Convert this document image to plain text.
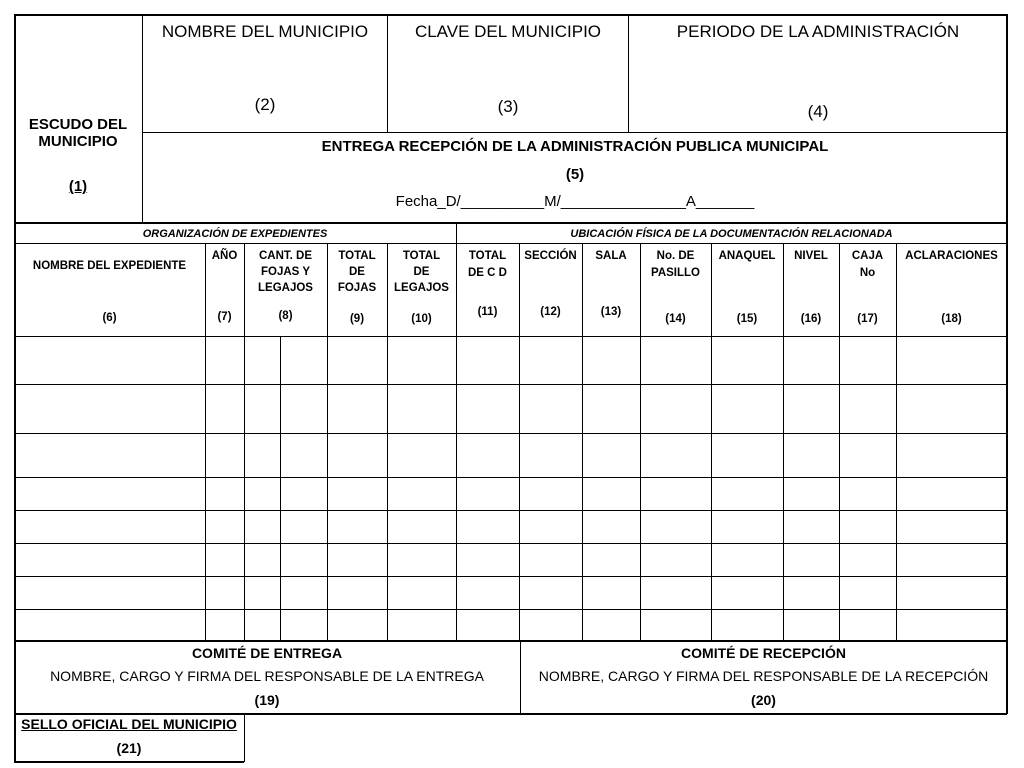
ESCUDO DEL
MUNICIPIO
(1)
NOMBRE DEL MUNICIPIO
(2)
CLAVE DEL MUNICIPIO
(3)
PERIODO DE LA ADMINISTRACIÓN
(4)
ENTREGA RECEPCIÓN DE LA ADMINISTRACIÓN PUBLICA MUNICIPAL
(5)
Fecha_D/__________M/_______________A_______
ORGANIZACIÓN DE EXPEDIENTES	UBICACIÓN FÍSICA DE LA DOCUMENTACIÓN RELACIONADA
NOMBRE DEL EXPEDIENTE
(6)
AÑO
(7)
CANT. DE
FOJAS Y
LEGAJOS
(8)
TOTAL
DE
FOJAS
(9)
TOTAL
DE
LEGAJOS
(10)
TOTAL
DE C D
(11)
SECCIÓN
(12)
SALA
(13)
No. DE
PASILLO
(14)
ANAQUEL
(15)
NIVEL
(16)
CAJA
No
(17)
ACLARACIONES
(18)
COMITÉ DE ENTREGA
NOMBRE, CARGO Y FIRMA DEL RESPONSABLE DE LA ENTREGA
(19)
COMITÉ DE RECEPCIÓN
NOMBRE, CARGO Y FIRMA DEL RESPONSABLE DE LA RECEPCIÓN
(20)
SELLO OFICIAL DEL MUNICIPIO
(21)
